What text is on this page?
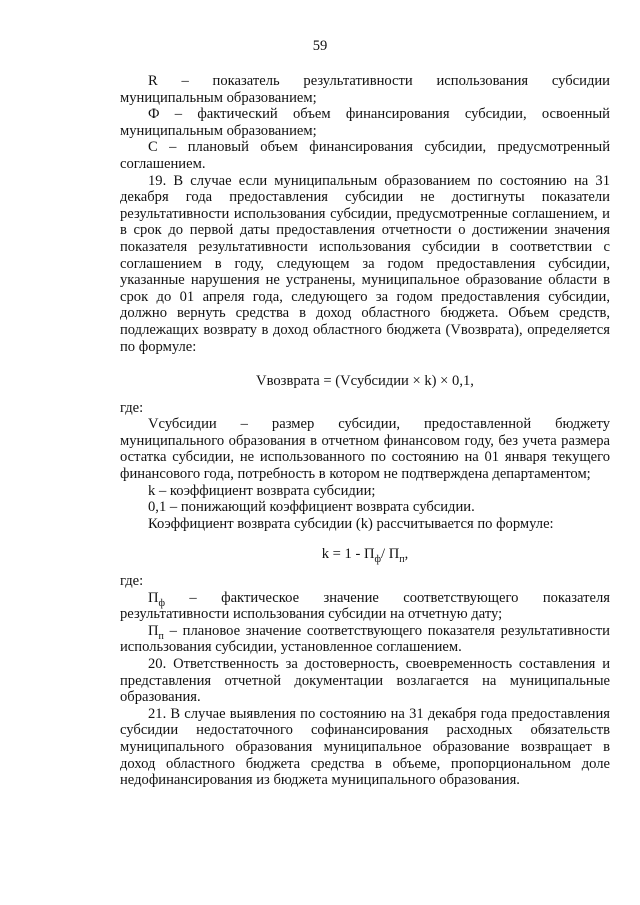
59

R – показатель результативности использования субсидии муниципальным образованием;

Ф – фактический объем финансирования субсидии, освоенный муниципальным образованием;

С – плановый объем финансирования субсидии, предусмотренный соглашением.

19. В случае если муниципальным образованием по состоянию на 31 декабря года предоставления субсидии не достигнуты показатели результативности использования субсидии, предусмотренные соглашением, и в срок до первой даты предоставления отчетности о достижении значения показателя результативности использования субсидии в соответствии с соглашением в году, следующем за годом предоставления субсидии, указанные нарушения не устранены, муниципальное образование области в срок до 01 апреля года, следующего за годом предоставления субсидии, должно вернуть средства в доход областного бюджета. Объем средств, подлежащих возврату в доход областного бюджета (Vвозврата), определяется по формуле:

Vвозврата = (Vсубсидии × k) × 0,1,

где:

Vсубсидии – размер субсидии, предоставленной бюджету муниципального образования в отчетном финансовом году, без учета размера остатка субсидии, не использованного по состоянию на 01 января текущего финансового года, потребность в котором не подтверждена департаментом;

k – коэффициент возврата субсидии;

0,1 – понижающий коэффициент возврата субсидии.

Коэффициент возврата субсидии (k) рассчитывается по формуле:

$k = 1 - П_ф/$ $П_п$,

где:

$П_ф$ – фактическое значение соответствующего показателя результативности использования субсидии на отчетную дату;

$П_п$ – плановое значение соответствующего показателя результативности использования субсидии, установленное соглашением.

20. Ответственность за достоверность, своевременность составления и представления отчетной документации возлагается на муниципальные образования.

21. В случае выявления по состоянию на 31 декабря года предоставления субсидии недостаточного софинансирования расходных обязательств муниципального образования муниципальное образование возвращает в доход областного бюджета средства в объеме, пропорциональном доле недофинансирования из бюджета муниципального образования.
